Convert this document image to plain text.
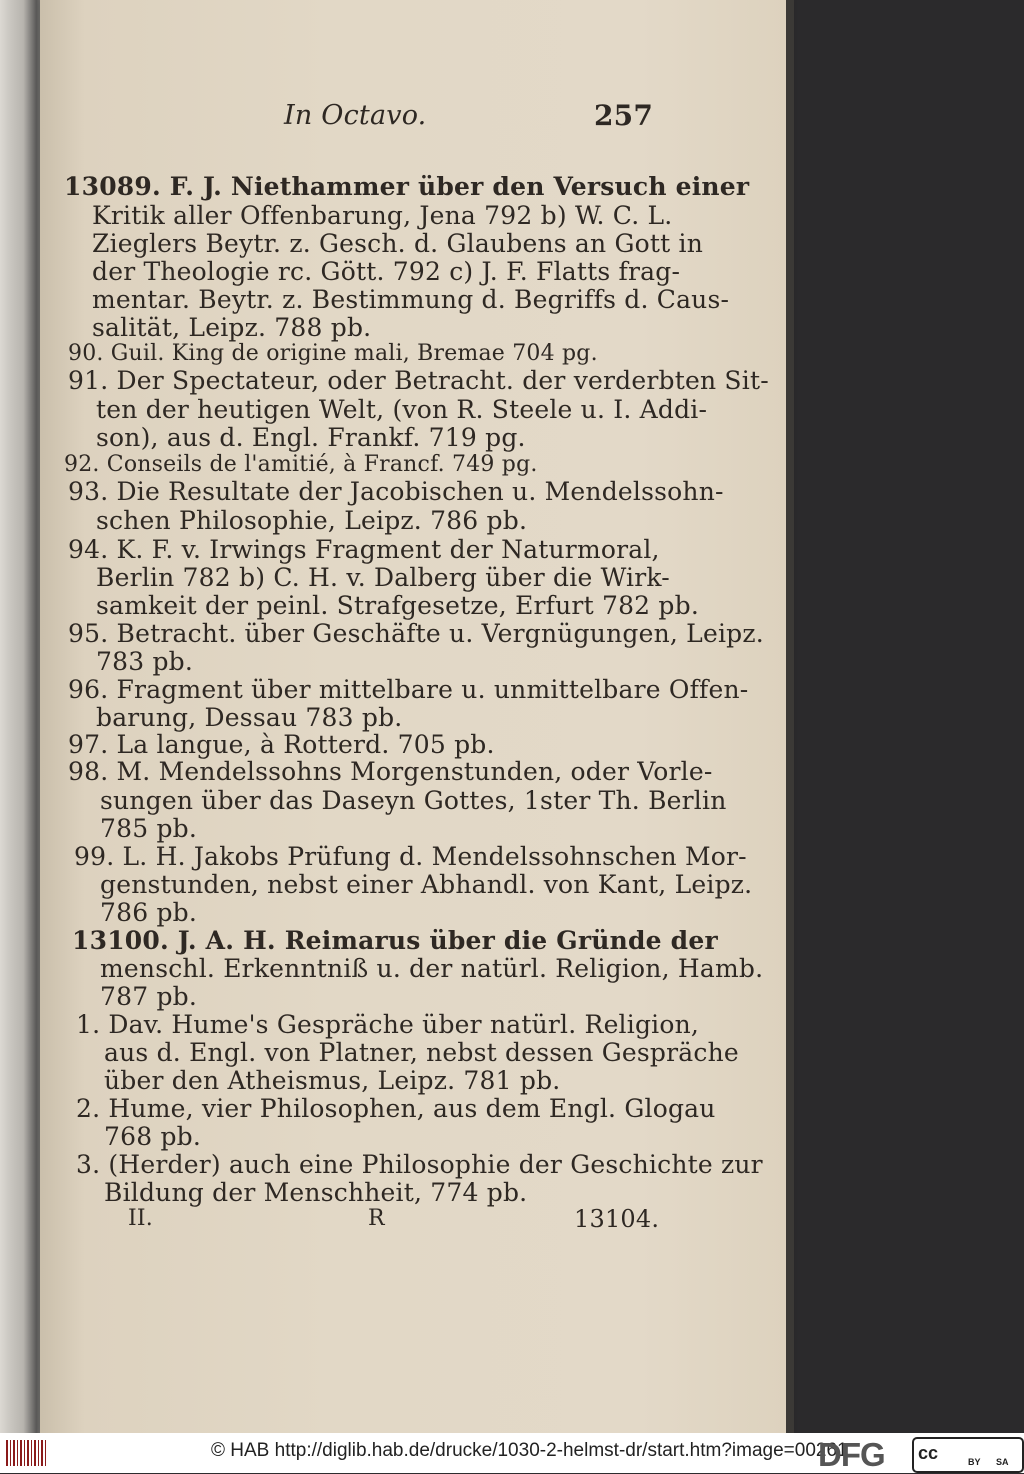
In Octavo.	257
13089. F. J. Niethammer über den Versuch einer
Kritik aller Offenbarung, Jena 792 b) W. C. L.
Zieglers Beytr. z. Gesch. d. Glaubens an Gott in
der Theologie rc. Gött. 792 c) J. F. Flatts frag-
mentar. Beytr. z. Bestimmung d. Begriffs d. Caus-
salität, Leipz. 788 pb.
90. Guil. King de origine mali, Bremae 704 pg.
91. Der Spectateur, oder Betracht. der verderbten Sit-
ten der heutigen Welt, (von R. Steele u. I. Addi-
son), aus d. Engl. Frankf. 719 pg.
92. Conseils de l'amitié, à Francf. 749 pg.
93. Die Resultate der Jacobischen u. Mendelssohn-
schen Philosophie, Leipz. 786 pb.
94. K. F. v. Irwings Fragment der Naturmoral,
Berlin 782 b) C. H. v. Dalberg über die Wirk-
samkeit der peinl. Strafgesetze, Erfurt 782 pb.
95. Betracht. über Geschäfte u. Vergnügungen, Leipz.
783 pb.
96. Fragment über mittelbare u. unmittelbare Offen-
barung, Dessau 783 pb.
97. La langue, à Rotterd. 705 pb.
98. M. Mendelssohns Morgenstunden, oder Vorle-
sungen über das Daseyn Gottes, 1ster Th. Berlin
785 pb.
99. L. H. Jakobs Prüfung d. Mendelssohnschen Mor-
genstunden, nebst einer Abhandl. von Kant, Leipz.
786 pb.
13100. J. A. H. Reimarus über die Gründe der
menschl. Erkenntniß u. der natürl. Religion, Hamb.
787 pb.
1. Dav. Hume's Gespräche über natürl. Religion,
aus d. Engl. von Platner, nebst dessen Gespräche
über den Atheismus, Leipz. 781 pb.
2. Hume, vier Philosophen, aus dem Engl. Glogau
768 pb.
3. (Herder) auch eine Philosophie der Geschichte zur
Bildung der Menschheit, 774 pb.
II.	R	13104.
© HAB http://diglib.hab.de/drucke/1030-2-helmst-dr/start.htm?image=00261
DFG cc	BY SA
